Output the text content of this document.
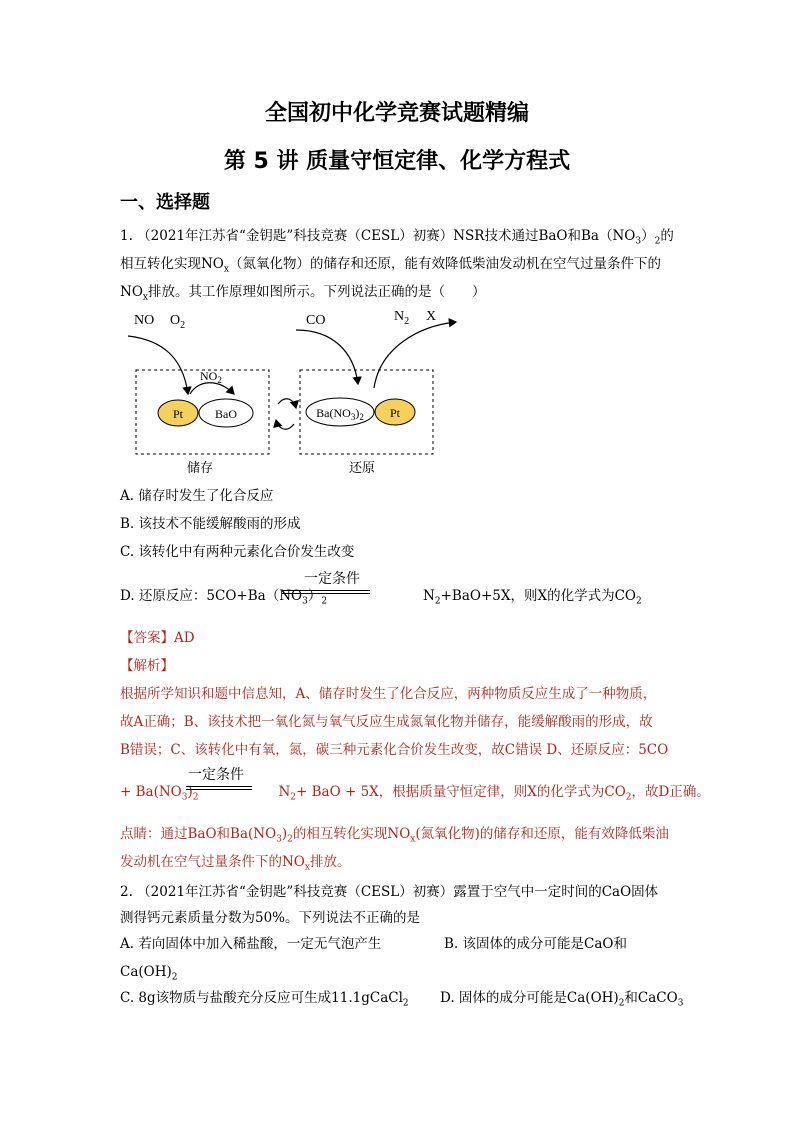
全国初中化学竞赛试题精编
第 5 讲 质量守恒定律、化学方程式
一、选择题
1. （2021年江苏省“金钥匙”科技竞赛（CESL）初赛）NSR技术通过BaO和$Ba(NO_3)_2$的
相互转化实现$NO_x$（氮氧化物）的储存和还原，能有效降低柴油发动机在空气过量条件下的
$NO_x$排放。其工作原理如图所示。下列说法正确的是（　　）
NO $O_2$	CO	$N_2$ X
$NO_2$
Pt	BaO	$Ba(NO_3)_2$ Pt
储存	还原
A. 储存时发生了化合反应
B. 该技术不能缓解酸雨的形成
C. 该转化中有两种元素化合价发生改变
D. 还原反应：$5CO+Ba(NO_3)_2$	$N_2+BaO+5X$，则X的化学式为$CO_2$
一定条件
【答案】AD
【解析】
根据所学知识和题中信息知，A、储存时发生了化合反应，两种物质反应生成了一种物质，
故A正确；B、该技术把一氧化氮与氧气反应生成氮氧化物并储存，能缓解酸雨的形成，故
B错误；C、该转化中有氧，氮，碳三种元素化合价发生改变，故C错误 D、还原反应：5CO
+ $Ba(NO_3)_2$	$N_2+$ BaO + 5X，根据质量守恒定律，则X的化学式为$CO_2$，故D正确。
一定条件
点睛：通过BaO和$Ba(NO_3)_2$的相互转化实现$NO_x$(氮氧化物)的储存和还原，能有效降低柴油
发动机在空气过量条件下的$NO_x$排放。
2. （2021年江苏省“金钥匙”科技竞赛（CESL）初赛）露置于空气中一定时间的CaO固体
测得钙元素质量分数为50%。下列说法不正确的是
A. 若向固体中加入稀盐酸，一定无气泡产生	B. 该固体的成分可能是CaO和
$Ca(OH)_2$
C. 8g该物质与盐酸充分反应可生成11.1gCaCl$_2$ D. 固体的成分可能是$Ca(OH)_2$和CaCO$_3$
